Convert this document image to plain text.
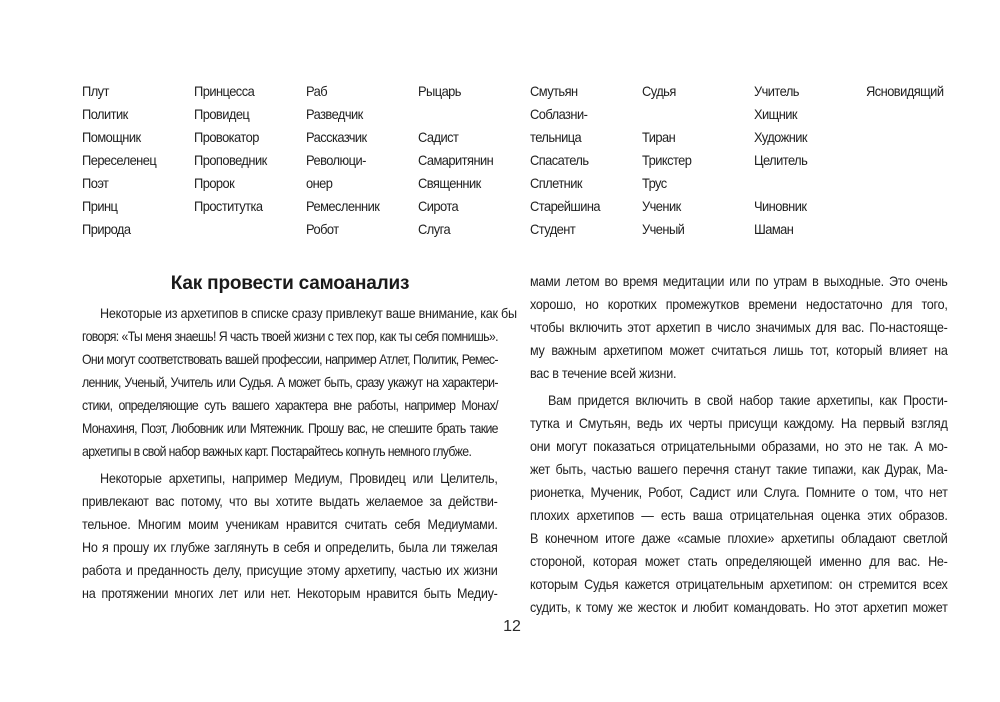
Плут
Политик
Помощник
Переселенец
Поэт
Принц
Природа
Принцесса
Провидец
Провокатор
Проповедник
Пророк
Проститутка
Раб
Разведчик
Рассказчик
Революци-
онер
Ремесленник
Робот
Рыцарь
Садист
Самаритянин
Священник
Сирота
Слуга
Смутьян
Соблазни-
тельница
Спасатель
Сплетник
Старейшина
Студент
Судья
Тиран
Трикстер
Трус
Ученик
Ученый
Учитель
Хищник
Художник
Целитель
Чиновник
Шаман
Ясновидящий
Как провести самоанализ
Некоторые из архетипов в списке сразу привлекут ваше внимание, как бы
говоря: «Ты меня знаешь! Я часть твоей жизни с тех пор, как ты себя помнишь».
Они могут соответствовать вашей профессии, например Атлет, Политик, Ремес-
ленник, Ученый, Учитель или Судья. А может быть, сразу укажут на характери-
стики, определяющие суть вашего характера вне работы, например Монах/
Монахиня, Поэт, Любовник или Мятежник. Прошу вас, не спешите брать такие
архетипы в свой набор важных карт. Постарайтесь копнуть немного глубже.
Некоторые архетипы, например Медиум, Провидец или Целитель,
привлекают вас потому, что вы хотите выдать желаемое за действи-
тельное. Многим моим ученикам нравится считать себя Медиумами.
Но я прошу их глубже заглянуть в себя и определить, была ли тяжелая
работа и преданность делу, присущие этому архетипу, частью их жизни
на протяжении многих лет или нет. Некоторым нравится быть Медиу-
мами летом во время медитации или по утрам в выходные. Это очень
хорошо, но коротких промежутков времени недостаточно для того,
чтобы включить этот архетип в число значимых для вас. По-настояще-
му важным архетипом может считаться лишь тот, который влияет на
вас в течение всей жизни.
Вам придется включить в свой набор такие архетипы, как Прости-
тутка и Смутьян, ведь их черты присущи каждому. На первый взгляд
они могут показаться отрицательными образами, но это не так. А мо-
жет быть, частью вашего перечня станут такие типажи, как Дурак, Ма-
рионетка, Мученик, Робот, Садист или Слуга. Помните о том, что нет
плохих архетипов — есть ваша отрицательная оценка этих образов.
В конечном итоге даже «самые плохие» архетипы обладают светлой
стороной, которая может стать определяющей именно для вас. Не-
которым Судья кажется отрицательным архетипом: он стремится всех
судить, к тому же жесток и любит командовать. Но этот архетип может
12
